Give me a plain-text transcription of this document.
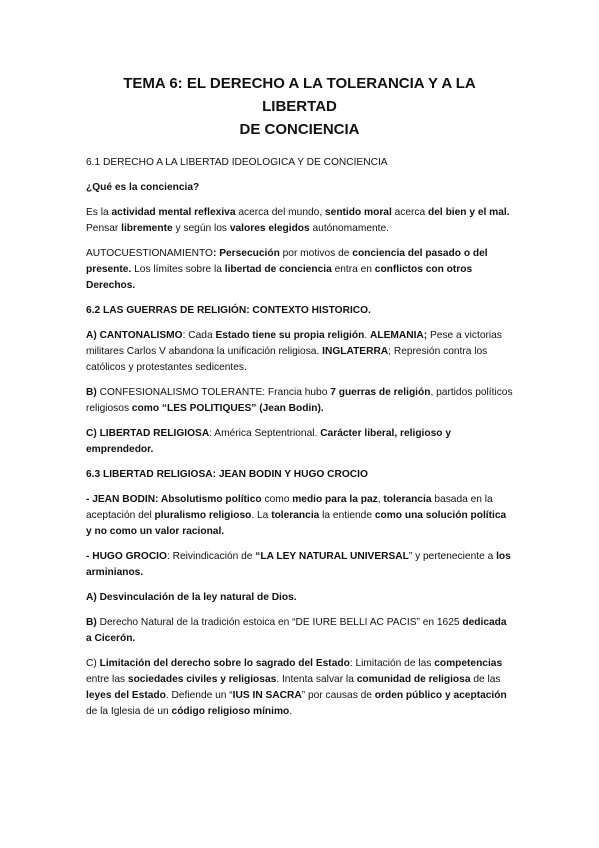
TEMA 6: EL DERECHO A LA TOLERANCIA Y A LA LIBERTAD
DE CONCIENCIA

6.1 DERECHO A LA LIBERTAD IDEOLOGICA Y DE CONCIENCIA

¿Qué es la conciencia?

Es la actividad mental reflexiva acerca del mundo, sentido moral acerca del bien y el mal. Pensar libremente y según los valores elegidos autónomamente.

AUTOCUESTIONAMIENTO: Persecución por motivos de conciencia del pasado o del presente. Los límites sobre la libertad de conciencia entra en conflictos con otros Derechos.

6.2 LAS GUERRAS DE RELIGIÓN: CONTEXTO HISTORICO.

A) CANTONALISMO: Cada Estado tiene su propia religión. ALEMANIA; Pese a victorias militares Carlos V abandona la unificación religiosa. INGLATERRA; Represión contra los católicos y protestantes sedicentes.

B) CONFESIONALISMO TOLERANTE: Francia hubo 7 guerras de religión, partidos políticos religiosos como “LES POLITIQUES” (Jean Bodin).

C) LIBERTAD RELIGIOSA: América Septentrional. Carácter liberal, religioso y emprendedor.

6.3 LIBERTAD RELIGIOSA: JEAN BODIN Y HUGO CROCIO

- JEAN BODIN: Absolutismo político como medio para la paz, tolerancia basada en la aceptación del pluralismo religioso. La tolerancia la entiende como una solución política y no como un valor racional.

- HUGO GROCIO: Reivindicación de “LA LEY NATURAL UNIVERSAL” y perteneciente a los arminianos.

A) Desvinculación de la ley natural de Dios.

B) Derecho Natural de la tradición estoica en “DE IURE BELLI AC PACIS” en 1625 dedicada a Cicerón.

C) Limitación del derecho sobre lo sagrado del Estado: Limitación de las competencias entre las sociedades civiles y religiosas. Intenta salvar la comunidad de religiosa de las leyes del Estado. Defiende un “IUS IN SACRA” por causas de orden público y aceptación de la Iglesia de un código religioso mínimo.
